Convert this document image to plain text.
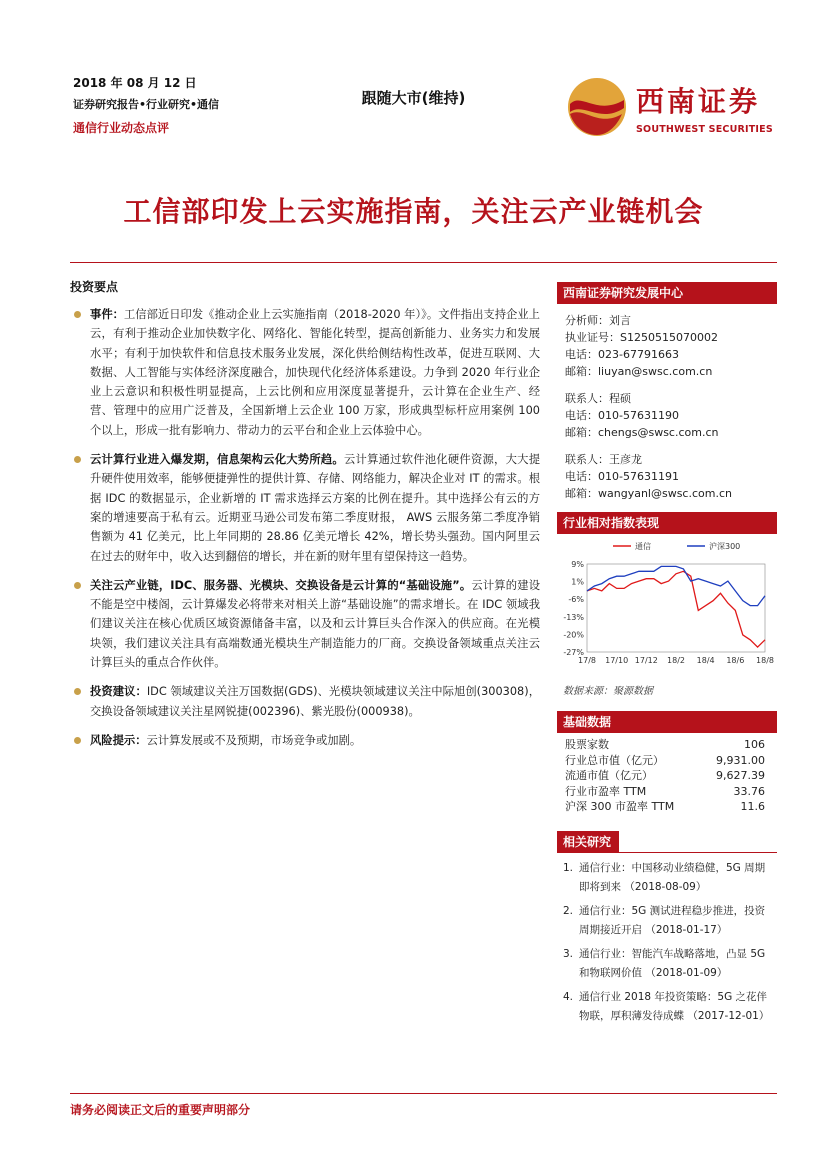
2018 年 08 月 12 日
证券研究报告•行业研究•通信
通信行业动态点评
跟随大市(维持)	西南证券
SOUTHWEST SECURITIES
工信部印发上云实施指南，关注云产业链机会
投资要点
事件：工信部近日印发《推动企业上云实施指南（2018-2020 年）》。文件指出支持企业上云，有利于推动企业加快数字化、网络化、智能化转型，提高创新能力、业务实力和发展水平；有利于加快软件和信息技术服务业发展，深化供给侧结构性改革，促进互联网、大数据、人工智能与实体经济深度融合，加快现代化经济体系建设。力争到 2020 年行业企业上云意识和积极性明显提高，上云比例和应用深度显著提升，云计算在企业生产、经营、管理中的应用广泛普及，全国新增上云企业 100 万家，形成典型标杆应用案例 100 个以上，形成一批有影响力、带动力的云平台和企业上云体验中心。
云计算行业进入爆发期，信息架构云化大势所趋。云计算通过软件池化硬件资源，大大提升硬件使用效率，能够便捷弹性的提供计算、存储、网络能力，解决企业对 IT 的需求。根据 IDC 的数据显示，企业新增的 IT 需求选择云方案的比例在提升。其中选择公有云的方案的增速要高于私有云。近期亚马逊公司发布第二季度财报， AWS 云服务第二季度净销售额为 41 亿美元，比上年同期的 28.86 亿美元增长 42%，增长势头强劲。国内阿里云在过去的财年中，收入达到翻倍的增长，并在新的财年里有望保持这一趋势。
关注云产业链，IDC、服务器、光模块、交换设备是云计算的“基础设施”。云计算的建设不能是空中楼阁，云计算爆发必将带来对相关上游“基础设施”的需求增长。在 IDC 领域我们建议关注在核心优质区域资源储备丰富，以及和云计算巨头合作深入的供应商。在光模块领，我们建议关注具有高端数通光模块生产制造能力的厂商。交换设备领域重点关注云计算巨头的重点合作伙伴。
投资建议：IDC 领域建议关注万国数据(GDS)、光模块领域建议关注中际旭创(300308)，交换设备领域建议关注星网锐捷(002396)、紫光股份(000938)。
风险提示：云计算发展或不及预期，市场竞争或加剧。
西南证券研究发展中心
分析师：刘言
执业证号：S1250515070002
电话：023-67791663
邮箱：liuyan@swsc.com.cn
联系人：程硕
电话：010-57631190
邮箱：chengs@swsc.com.cn
联系人：王彦龙
电话：010-57631191
邮箱：wangyanl@swsc.com.cn
行业相对指数表现
通信	沪深300
9%
1%
-6%
-13%
-20%
-27%
17/8 17/10 17/12 18/2 18/4 18/6 18/8
数据来源：聚源数据
基础数据
股票家数	106
行业总市值（亿元）	9,931.00
流通市值（亿元）	9,627.39
行业市盈率 TTM	33.76
沪深 300 市盈率 TTM	11.6
相关研究
1. 通信行业：中国移动业绩稳健，5G 周期即将到来 （2018-08-09）
2. 通信行业：5G 测试进程稳步推进，投资周期接近开启 （2018-01-17）
3. 通信行业：智能汽车战略落地，凸显 5G 和物联网价值 （2018-01-09）
4. 通信行业 2018 年投资策略：5G 之花伴物联，厚积薄发待成蝶 （2017-12-01）
请务必阅读正文后的重要声明部分
